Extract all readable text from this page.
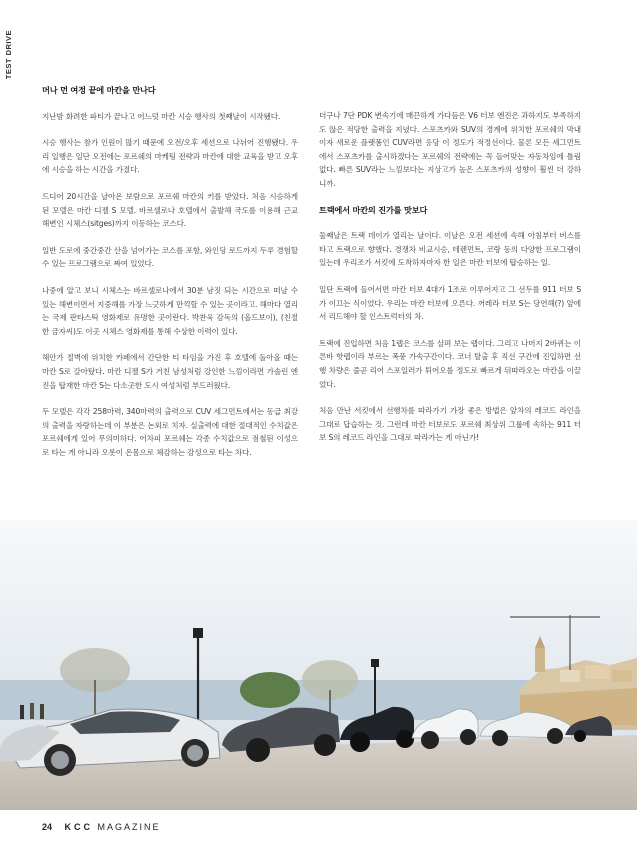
TEST DRIVE
머나 먼 여정 끝에 마칸을 만나다

지난밤 화려한 파티가 끝나고 어느덧 마칸 시승 행사의 첫째날이 시작됐다.

시승 행사는 참가 인원이 많기 때문에 오전/오후 세션으로 나뉘어 진행됐다. 우리 일행은 일단 오전에는 포르쉐의 마케팅 전략과 마칸에 대한 교육을 받고 오후에 시승을 하는 시간을 가졌다.

드디어 20시간을 날아온 보람으로 포르쉐 마칸의 키를 받았다. 처음 시승하게 된 모델은 마칸 디젤 S 모델. 바르셀로나 호텔에서 출발해 국도를 이용해 근교 해변인 시체스(sitges)까지 이동하는 코스다.

일반 도로에 중간중간 산을 넘어가는 코스를 포함, 와인딩 로드까지 두루 경험할 수 있는 프로그램으로 짜여 있었다.

나중에 알고 보니 시체스는 바르셀로나에서 30분 남짓 되는 시간으로 떠날 수 있는 해변이면서 지중해를 가장 느긋하게 만끽할 수 있는 곳이라고. 해마다 열리는 국제 판타스틱 영화제로 유명한 곳이란다. 박찬욱 감독의 (올드보이), (친절한 금자씨)도 이곳 시체스 영화제를 통해 수상한 이력이 있다.

해안가 절벽에 위치한 카페에서 간단한 티 타임을 가진 후 호텔에 돌아올 때는 마칸 S로 갈아탔다. 마칸 디젤 S가 거친 남성처럼 강인한 느낌이라면 가솔린 엔진을 탑재한 마칸 S는 다소곳한 도시 여성처럼 부드러웠다.

두 모델은 각각 258마력, 340마력의 출력으로 CUV 세그먼트에서는 동급 최강의 출력을 자랑하는데 이 부분은 논외로 치자. 실출력에 대한 절대적인 수치값은 포르쉐에게 있어 무의미하다. 어차피 포르쉐는 각종 수치값으로 점철된 이성으로 타는 게 아니라 오롯이 온몸으로 체감하는 감성으로 타는 차다.

더구나 7단 PDK 변속기에 매끈하게 가다듬은 V6 터보 엔진은 과하지도 부족하지도 않은 적당한 출력을 지녔다. 스포츠카와 SUV의 경계에 위치한 포르쉐의 막내이자 새로운 플랫폼인 CUV라면 응당 이 정도가 적정선이다. 물론 모든 세그먼트에서 스포츠카를 출시하겠다는 포르쉐의 전략에는 꼭 들어맞는 자동차임에 틀림없다. 빠른 SUV라는 느낌보다는 지상고가 높은 스포츠카의 성향이 훨씬 더 강하니까.

트랙에서 마칸의 진가를 맛보다

둘째날은 트랙 데이가 열리는 날이다. 이날은 오전 세션에 속해 아침부터 버스를 타고 트랙으로 향했다. 경쟁차 비교시승, 테렌먼트, 코랑 등의 다양한 프로그램이 있는데 우리조가 서킷에 도착하자마자 한 일은 마칸 터보에 탑승하는 일.

일단 트랙에 들어서면 마칸 터보 4대가 1조로 이루어지고 그 선두를 911 터보 S가 이끄는 식이었다. 우리는 마칸 터보에 오른다. 꺼레라 터보 S는 당연해(?) 앞에서 리드해야 할 인스트럭터의 차.

트랙에 진입하면 처음 1랩은 코스를 살펴 보는 랩이다. 그리고 나머지 2바퀴는 이른바 핫랩이라 부르는 폭풍 가속구간이다. 코너 탈출 후 직선 구간에 진입하면 선행 차량은 줄곧 리어 스포일러가 튀어오를 정도로 빠르게 뒤따라오는 마칸을 이끌었다.

처음 만난 서킷에서 선행차를 따라가기 가장 좋은 방법은 앞차의 레코드 라인을 그대로 답습하는 것. 그런데 마칸 터보로도 포르쉐 최상위 그룹에 속하는 911 터보 S의 레코드 라인을 그대로 따라가는 게 아닌가!

24 KCC MAGAZINE
